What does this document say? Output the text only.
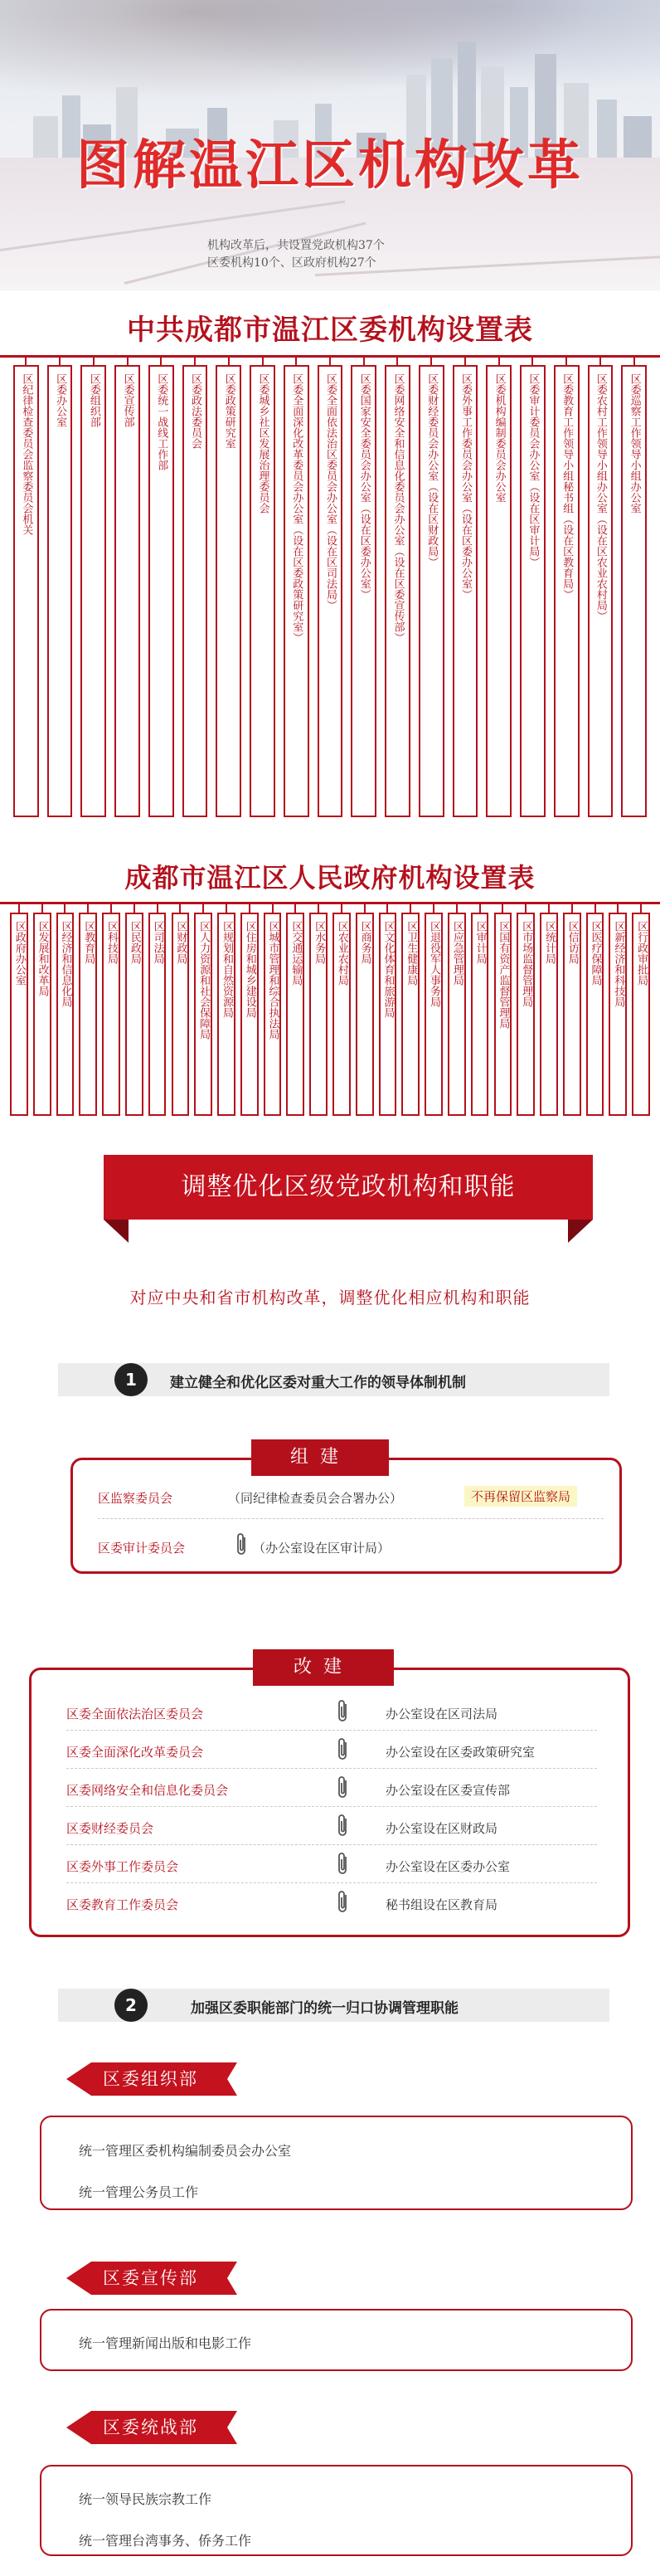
图解温江区机构改革
机构改革后，共设置党政机构37个
区委机构10个、区政府机构27个
中共成都市温江区委机构设置表
区纪律检查委员会监察委员会机关 区委办公室 区委组织部 区委宣传部 区委统一战线工作部 区委政法委员会 区委政策研究室 区委城乡社区发展治理委员会 区委全面深化改革委员会办公室（设在区委政策研究室） 区委全面依法治区委员会办公室（设在区司法局） 区委国家安全委员会办公室（设在区委办公室） 区委网络安全和信息化委员会办公室（设在区委宣传部） 区委财经委员会办公室（设在区财政局） 区委外事工作委员会办公室（设在区委办公室） 区委机构编制委员会办公室 区委审计委员会办公室（设在区审计局） 区委教育工作领导小组秘书组（设在区教育局） 区委农村工作领导小组办公室（设在区农业农村局） 区委巡察工作领导小组办公室
成都市温江区人民政府机构设置表
区政府办公室 区发展和改革局 区经济和信息化局 区教育局 区科技局 区民政局 区司法局 区财政局 区人力资源和社会保障局 区规划和自然资源局 区住房和城乡建设局 区城市管理和综合执法局 区交通运输局 区水务局 区农业农村局 区商务局 区文化体育和旅游局 区卫生健康局 区退役军人事务局 区应急管理局 区审计局 区国有资产监督管理局 区市场监督管理局 区统计局 区信访局 区医疗保障局 区新经济和科技局 区行政审批局
调整优化区级党政机构和职能
对应中央和省市机构改革，调整优化相应机构和职能
1	建立健全和优化区委对重大工作的领导体制机制
组建
区监察委员会	（同纪律检查委员会合署办公）	不再保留区监察局
区委审计委员会	（办公室设在区审计局）
改建
区委全面依法治区委员会	办公室设在区司法局
区委全面深化改革委员会	办公室设在区委政策研究室
区委网络安全和信息化委员会	办公室设在区委宣传部
区委财经委员会	办公室设在区财政局
区委外事工作委员会	办公室设在区委办公室
区委教育工作委员会	秘书组设在区教育局
2	加强区委职能部门的统一归口协调管理职能
区委组织部
统一管理区委机构编制委员会办公室
统一管理公务员工作
区委宣传部
统一管理新闻出版和电影工作
区委统战部
统一领导民族宗教工作
统一管理台湾事务、侨务工作
